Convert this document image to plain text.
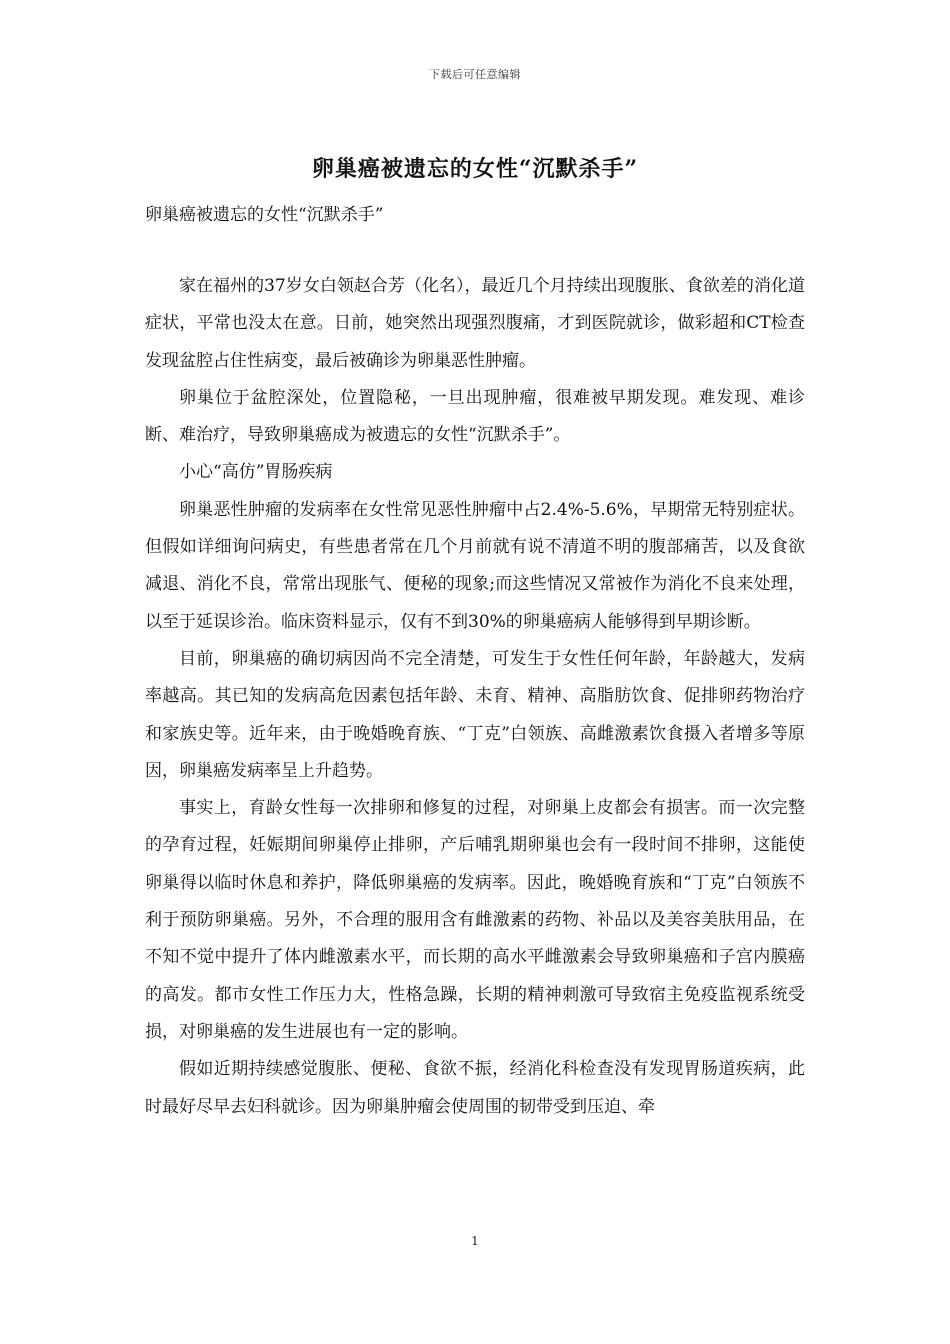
下载后可任意编辑
卵巢癌被遗忘的女性“沉默杀手”
卵巢癌被遗忘的女性“沉默杀手”

家在福州的37岁女白领赵合芳（化名），最近几个月持续出现腹胀、食欲差的消化道症状，平常也没太在意。日前，她突然出现强烈腹痛，才到医院就诊，做彩超和CT检查发现盆腔占住性病变，最后被确诊为卵巢恶性肿瘤。

卵巢位于盆腔深处，位置隐秘，一旦出现肿瘤，很难被早期发现。难发现、难诊断、难治疗，导致卵巢癌成为被遗忘的女性“沉默杀手”。

小心“高仿”胃肠疾病

卵巢恶性肿瘤的发病率在女性常见恶性肿瘤中占2.4%-5.6%，早期常无特别症状。但假如详细询问病史，有些患者常在几个月前就有说不清道不明的腹部痛苦，以及食欲减退、消化不良，常常出现胀气、便秘的现象;而这些情况又常被作为消化不良来处理，以至于延误诊治。临床资料显示，仅有不到30%的卵巢癌病人能够得到早期诊断。

目前，卵巢癌的确切病因尚不完全清楚，可发生于女性任何年龄，年龄越大，发病率越高。其已知的发病高危因素包括年龄、未育、精神、高脂肪饮食、促排卵药物治疗和家族史等。近年来，由于晚婚晚育族、“丁克”白领族、高雌激素饮食摄入者增多等原因，卵巢癌发病率呈上升趋势。

事实上，育龄女性每一次排卵和修复的过程，对卵巢上皮都会有损害。而一次完整的孕育过程，妊娠期间卵巢停止排卵，产后哺乳期卵巢也会有一段时间不排卵，这能使卵巢得以临时休息和养护，降低卵巢癌的发病率。因此，晚婚晚育族和“丁克”白领族不利于预防卵巢癌。另外，不合理的服用含有雌激素的药物、补品以及美容美肤用品，在不知不觉中提升了体内雌激素水平，而长期的高水平雌激素会导致卵巢癌和子宫内膜癌的高发。都市女性工作压力大，性格急躁，长期的精神刺激可导致宿主免疫监视系统受损，对卵巢癌的发生进展也有一定的影响。

假如近期持续感觉腹胀、便秘、食欲不振，经消化科检查没有发现胃肠道疾病，此时最好尽早去妇科就诊。因为卵巢肿瘤会使周围的韧带受到压迫、牵

1
